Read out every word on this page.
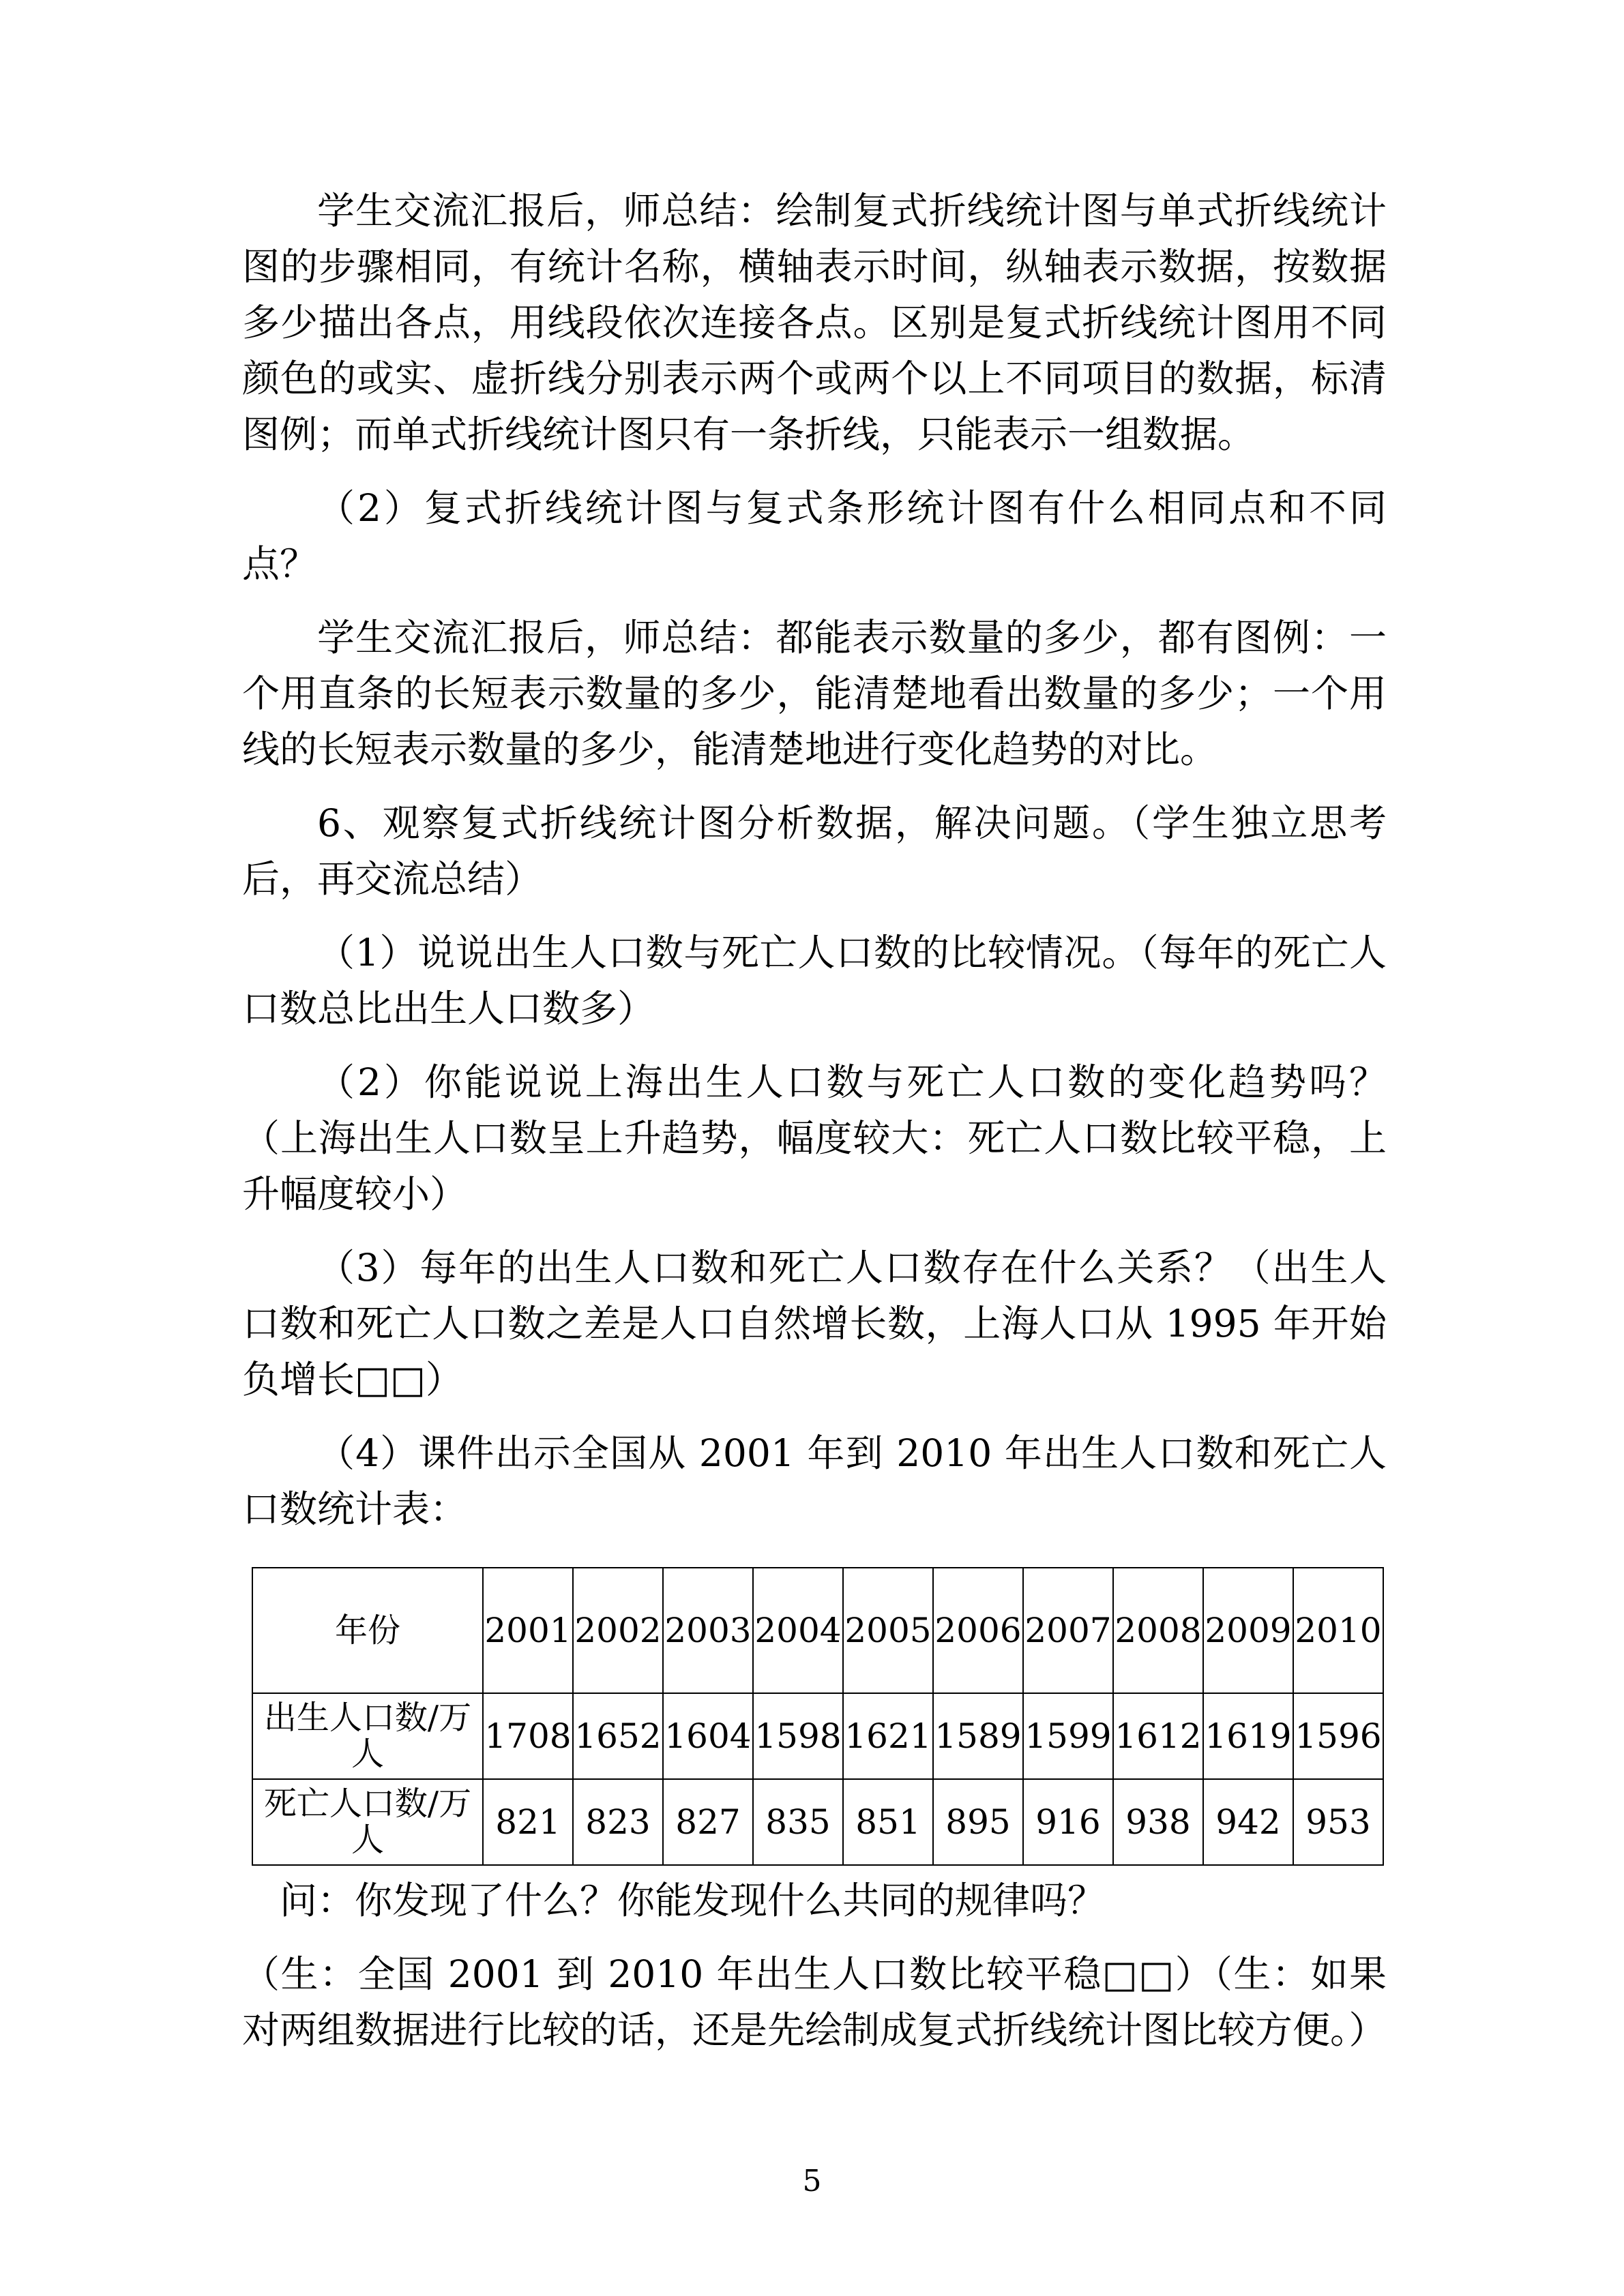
学生交流汇报后，师总结：绘制复式折线统计图与单式折线统计图的步骤相同，有统计名称，横轴表示时间，纵轴表示数据，按数据多少描出各点，用线段依次连接各点。区别是复式折线统计图用不同颜色的或实、虚折线分别表示两个或两个以上不同项目的数据，标清图例；而单式折线统计图只有一条折线，只能表示一组数据。

（2）复式折线统计图与复式条形统计图有什么相同点和不同点？

学生交流汇报后，师总结：都能表示数量的多少，都有图例：一个用直条的长短表示数量的多少，能清楚地看出数量的多少；一个用线的长短表示数量的多少，能清楚地进行变化趋势的对比。

6、观察复式折线统计图分析数据，解决问题。（学生独立思考后，再交流总结）

（1）说说出生人口数与死亡人口数的比较情况。（每年的死亡人口数总比出生人口数多）

（2）你能说说上海出生人口数与死亡人口数的变化趋势吗？（上海出生人口数呈上升趋势，幅度较大：死亡人口数比较平稳，上升幅度较小）

（3）每年的出生人口数和死亡人口数存在什么关系？（出生人口数和死亡人口数之差是人口自然增长数，上海人口从 1995 年开始负增长□□）

（4）课件出示全国从 2001 年到 2010 年出生人口数和死亡人口数统计表：

年份	2001	2002	2003	2004	2005	2006	2007	2008	2009	2010
出生人口数/万人	1708	1652	1604	1598	1621	1589	1599	1612	1619	1596
死亡人口数/万人	821	823	827	835	851	895	916	938	942	953

问：你发现了什么？你能发现什么共同的规律吗？

（生：全国 2001 到 2010 年出生人口数比较平稳□□）（生：如果对两组数据进行比较的话，还是先绘制成复式折线统计图比较方便。）

5
